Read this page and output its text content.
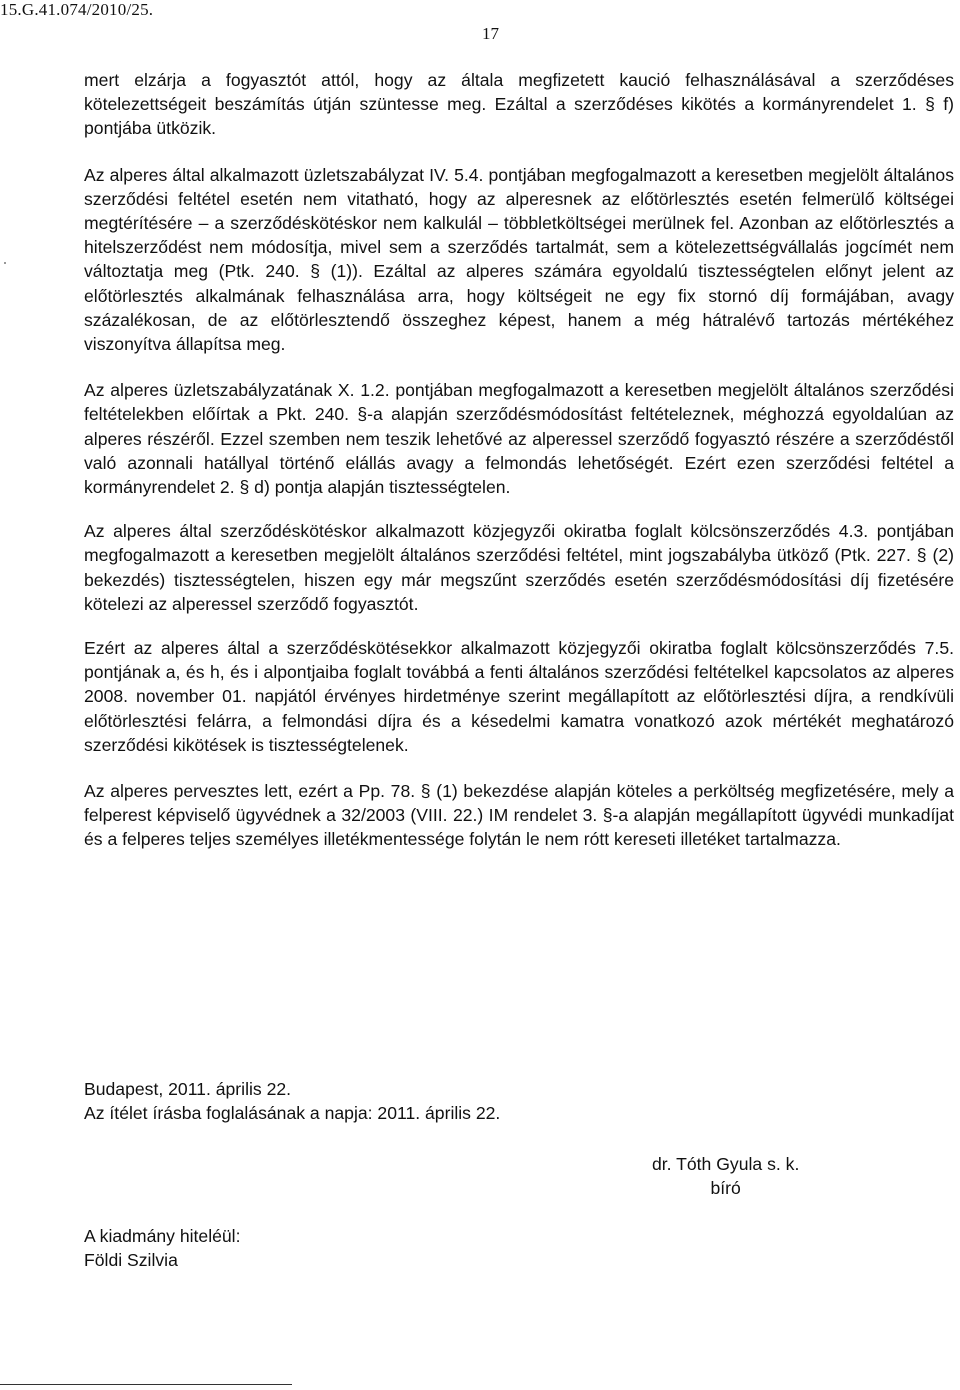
15.G.41.074/2010/25.
17

mert elzárja a fogyasztót attól, hogy az általa megfizetett kaució felhasználásával a szerződéses kötelezettségeit beszámítás útján szüntesse meg. Ezáltal a szerződéses kikötés a kormányrendelet 1. § f) pontjába ütközik.

Az alperes által alkalmazott üzletszabályzat IV. 5.4. pontjában megfogalmazott a keresetben megjelölt általános szerződési feltétel esetén nem vitatható, hogy az alperesnek az előtörlesztés esetén felmerülő költségei megtérítésére – a szerződéskötéskor nem kalkulál – többletköltségei merülnek fel. Azonban az előtörlesztés a hitelszerződést nem módosítja, mivel sem a szerződés tartalmát, sem a kötelezettségvállalás jogcímét nem változtatja meg (Ptk. 240. § (1)). Ezáltal az alperes számára egyoldalú tisztességtelen előnyt jelent az előtörlesztés alkalmának felhasználása arra, hogy költségeit ne egy fix stornó díj formájában, avagy százalékosan, de az előtörlesztendő összeghez képest, hanem a még hátralévő tartozás mértékéhez viszonyítva állapítsa meg.

Az alperes üzletszabályzatának X. 1.2. pontjában megfogalmazott a keresetben megjelölt általános szerződési feltételekben előírtak a Pkt. 240. §-a alapján szerződésmódosítást feltételeznek, méghozzá egyoldalúan az alperes részéről. Ezzel szemben nem teszik lehetővé az alperessel szerződő fogyasztó részére a szerződéstől való azonnali hatállyal történő elállás avagy a felmondás lehetőségét. Ezért ezen szerződési feltétel a kormányrendelet 2. § d) pontja alapján tisztességtelen.

Az alperes által szerződéskötéskor alkalmazott közjegyzői okiratba foglalt kölcsönszerződés 4.3. pontjában megfogalmazott a keresetben megjelölt általános szerződési feltétel, mint jogszabályba ütköző (Ptk. 227. § (2) bekezdés) tisztességtelen, hiszen egy már megszűnt szerződés esetén szerződésmódosítási díj fizetésére kötelezi az alperessel szerződő fogyasztót.

Ezért az alperes által a szerződéskötésekkor alkalmazott közjegyzői okiratba foglalt kölcsönszerződés 7.5. pontjának a, és h, és i alpontjaiba foglalt továbbá a fenti általános szerződési feltételkel kapcsolatos az alperes 2008. november 01. napjától érvényes hirdetménye szerint megállapított az előtörlesztési díjra, a rendkívüli előtörlesztési felárra, a felmondási díjra és a késedelmi kamatra vonatkozó azok mértékét meghatározó szerződési kikötések is tisztességtelenek.

Az alperes pervesztes lett, ezért a Pp. 78. § (1) bekezdése alapján köteles a perköltség megfizetésére, mely a felperest képviselő ügyvédnek a 32/2003 (VIII. 22.) IM rendelet 3. §-a alapján megállapított ügyvédi munkadíjat és a felperes teljes személyes illetékmentessége folytán le nem rótt kereseti illetéket tartalmazza.

Budapest, 2011. április 22.
Az ítélet írásba foglalásának a napja: 2011. április 22.
dr. Tóth Gyula s. k.
bíró
A kiadmány hiteléül:
Földi Szilvia
